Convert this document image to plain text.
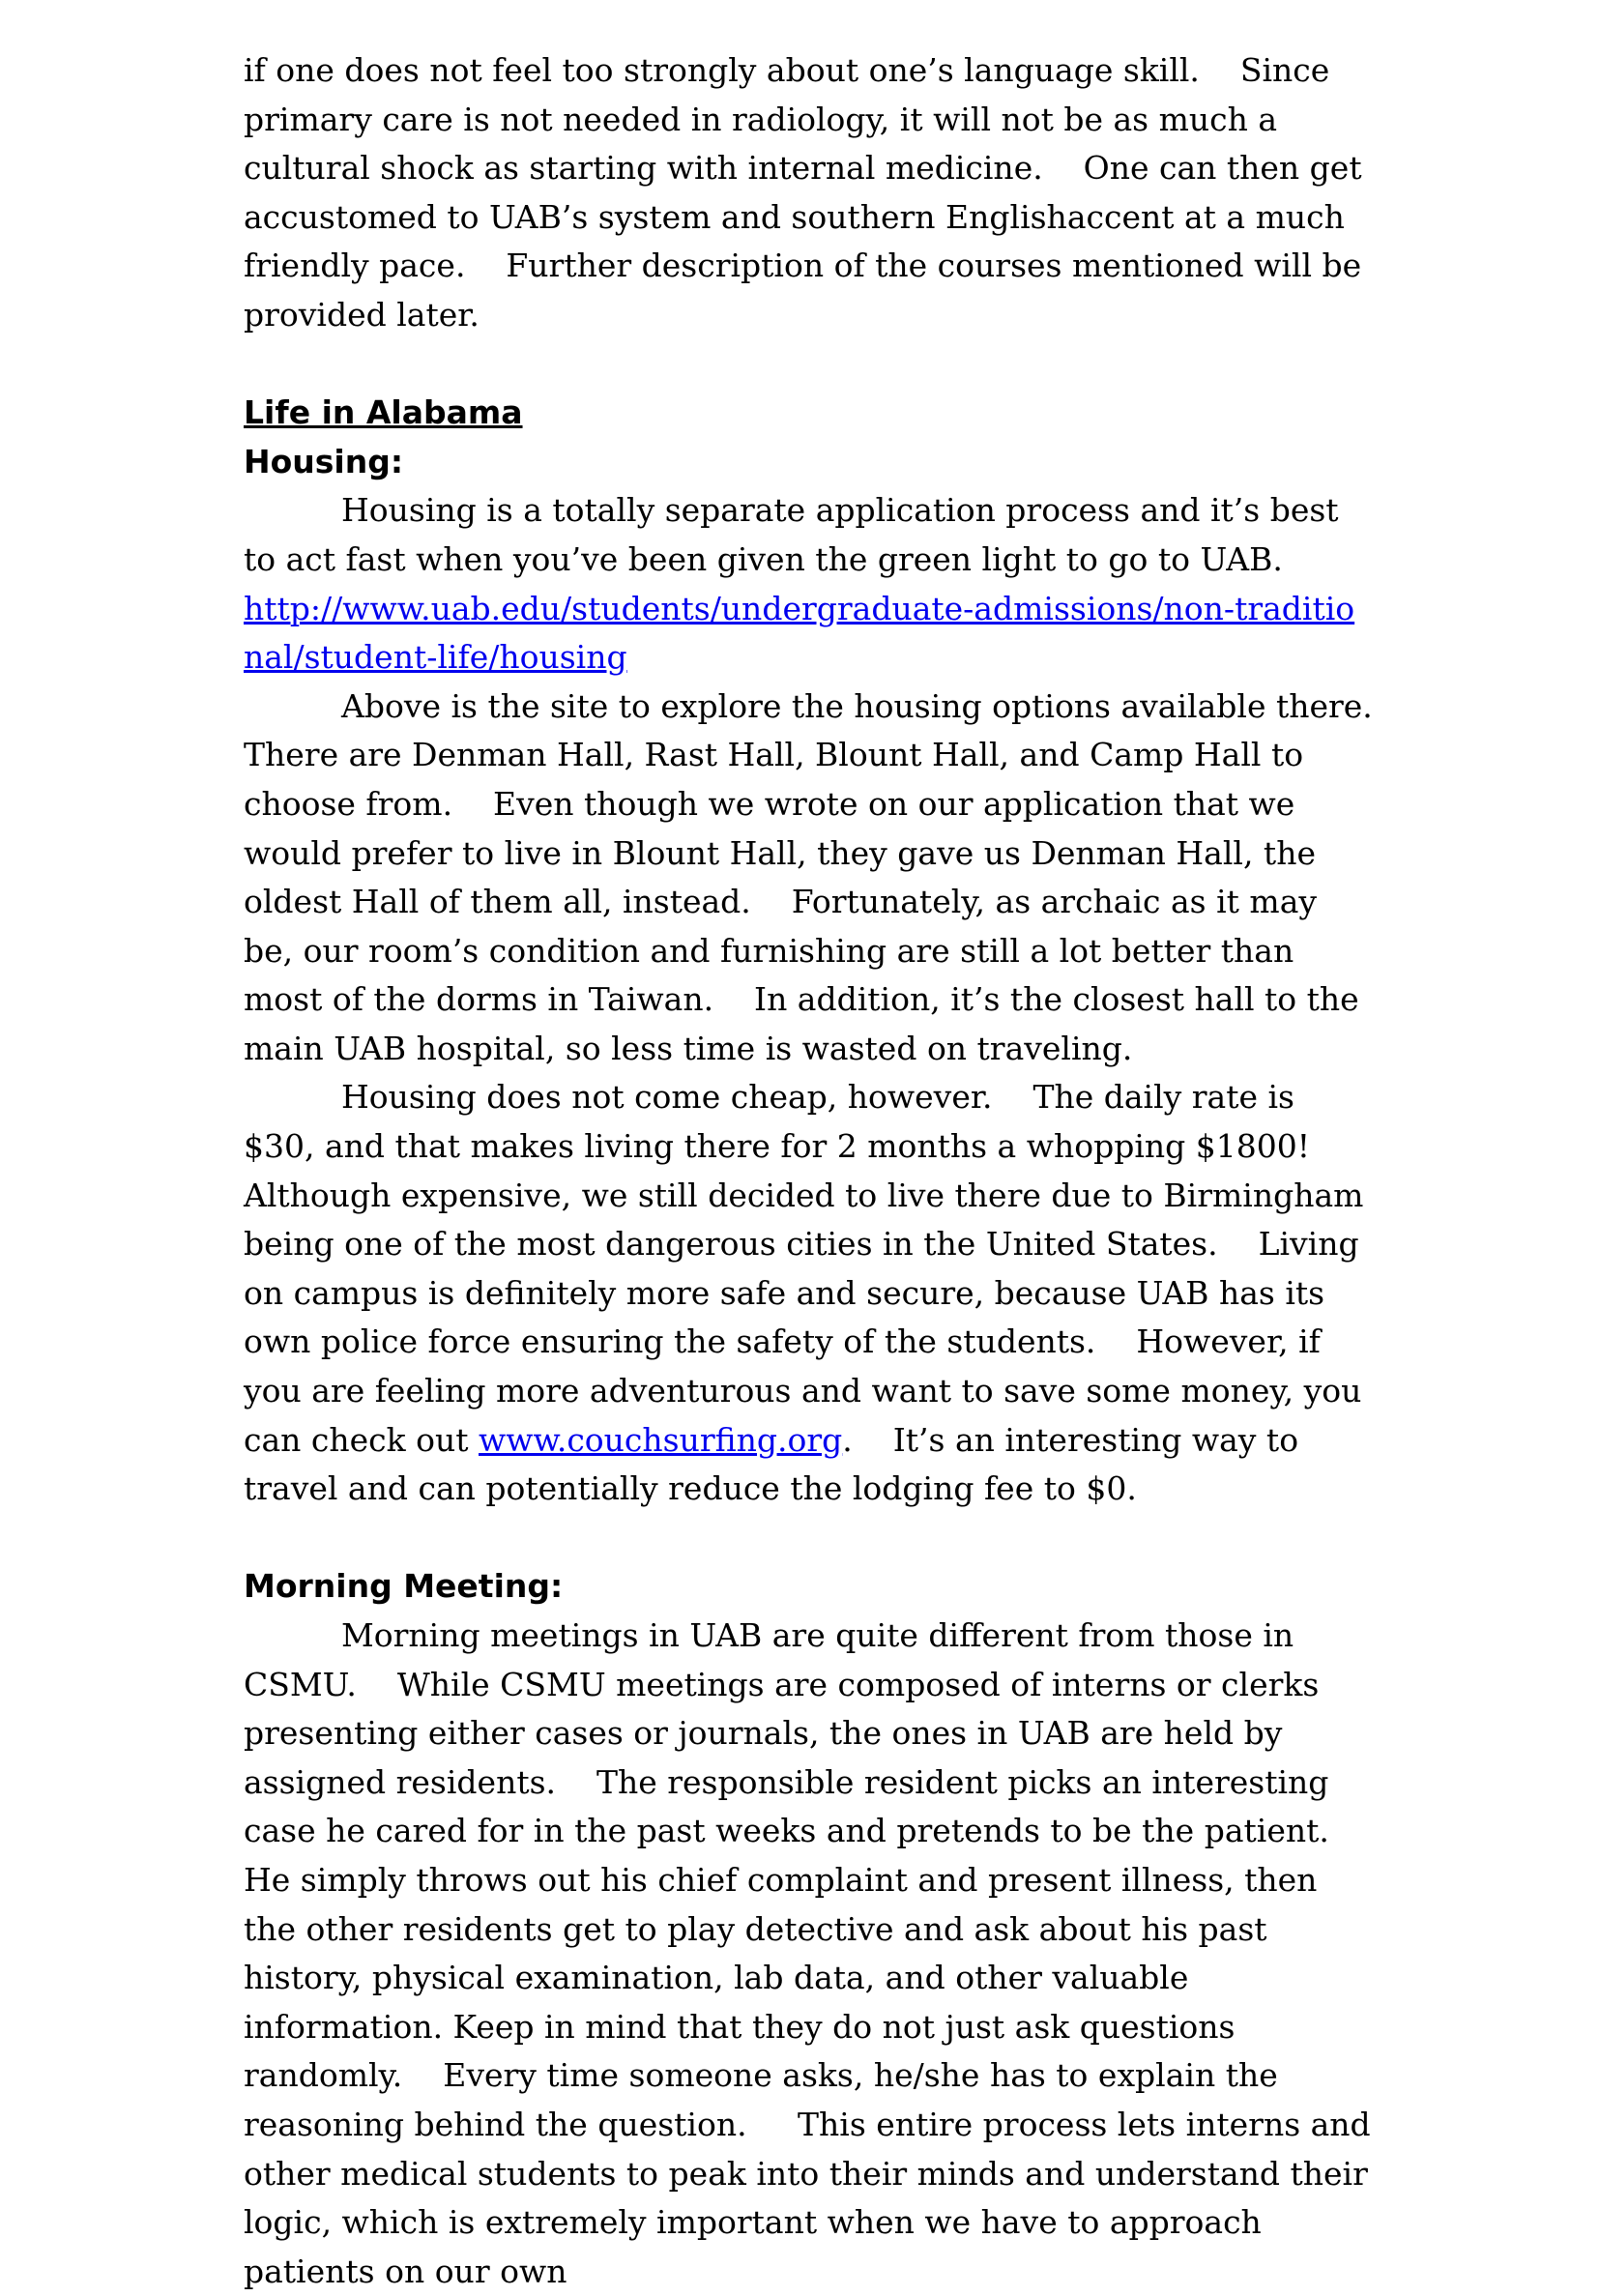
if one does not feel too strongly about one’s language skill.    Since primary care is not needed in radiology, it will not be as much a cultural shock as starting with internal medicine.    One can then get accustomed to UAB’s system and southern Englishaccent at a much friendly pace.    Further description of the courses mentioned will be provided later.

Life in Alabama

Housing:

Housing is a totally separate application process and it’s best to act fast when you’ve been given the green light to go to UAB.

http://www.uab.edu/students/undergraduate-admissions/non-traditional/student-life/housing

Above is the site to explore the housing options available there. There are Denman Hall, Rast Hall, Blount Hall, and Camp Hall to choose from.    Even though we wrote on our application that we would prefer to live in Blount Hall, they gave us Denman Hall, the oldest Hall of them all, instead.    Fortunately, as archaic as it may be, our room’s condition and furnishing are still a lot better than most of the dorms in Taiwan.    In addition, it’s the closest hall to the main UAB hospital, so less time is wasted on traveling.

Housing does not come cheap, however.    The daily rate is $30, and that makes living there for 2 months a whopping $1800! Although expensive, we still decided to live there due to Birmingham being one of the most dangerous cities in the United States.    Living on campus is definitely more safe and secure, because UAB has its own police force ensuring the safety of the students.    However, if you are feeling more adventurous and want to save some money, you can check out www.couchsurfing.org.    It’s an interesting way to travel and can potentially reduce the lodging fee to $0.

Morning Meeting:

Morning meetings in UAB are quite different from those in CSMU.    While CSMU meetings are composed of interns or clerks presenting either cases or journals, the ones in UAB are held by assigned residents.    The responsible resident picks an interesting case he cared for in the past weeks and pretends to be the patient. He simply throws out his chief complaint and present illness, then the other residents get to play detective and ask about his past history, physical examination, lab data, and other valuable information. Keep in mind that they do not just ask questions randomly.    Every time someone asks, he/she has to explain the reasoning behind the question.     This entire process lets interns and other medical students to peak into their minds and understand their logic, which is extremely important when we have to approach patients on our own
